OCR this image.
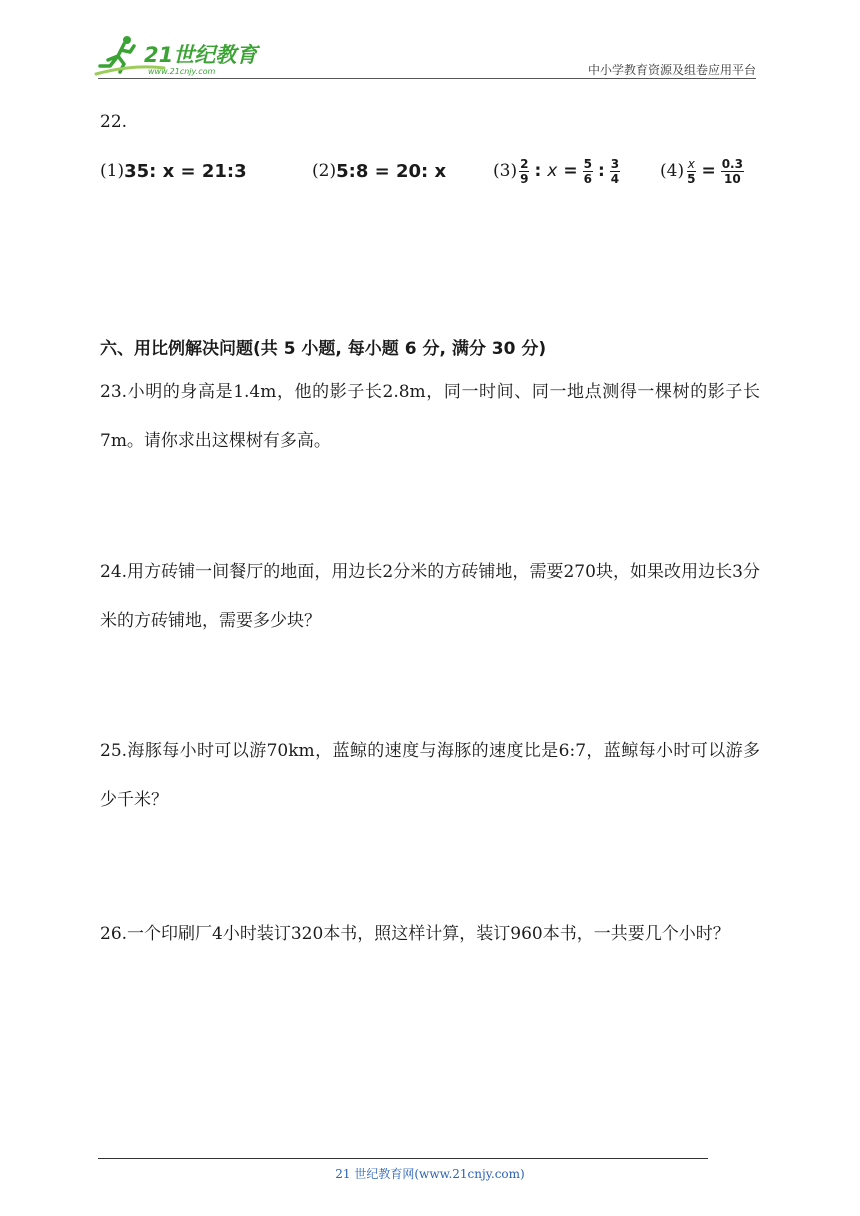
21世纪教育
www.21cnjy.com	中小学教育资源及组卷应用平台
22.
(1) 35: x = 21:3	(2) 5:8 = 20: x	$(3) \frac{2}{9}$ : $x = \frac{5}{6}$ : $\frac{3}{4} (4) \frac{x}{5} = \frac{0.3}{10}$
六、用比例解决问题(共 5 小题, 每小题 6 分, 满分 30 分)

23.小明的身高是1.4m，他的影子长2.8m，同一时间、同一地点测得一棵树的影子长7m。请你求出这棵树有多高。

24.用方砖铺一间餐厅的地面，用边长2分米的方砖铺地，需要270块，如果改用边长3分米的方砖铺地，需要多少块？

25.海豚每小时可以游70km，蓝鲸的速度与海豚的速度比是6:7，蓝鲸每小时可以游多少千米？

26.一个印刷厂4小时装订320本书，照这样计算，装订960本书，一共要几个小时？

21 世纪教育网(www.21cnjy.com)
